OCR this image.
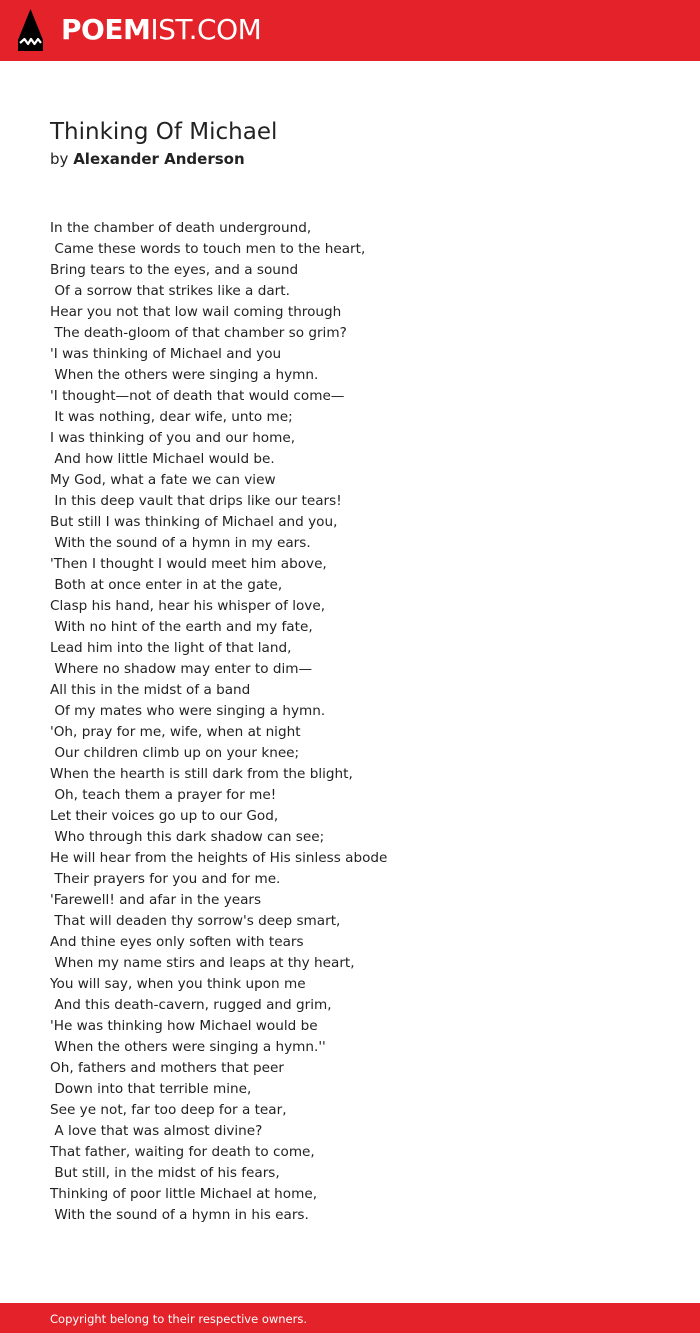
POEMIST.COM
Thinking Of Michael
by Alexander Anderson
In the chamber of death underground,
Came these words to touch men to the heart,
Bring tears to the eyes, and a sound
Of a sorrow that strikes like a dart.
Hear you not that low wail coming through
The death-gloom of that chamber so grim?
'I was thinking of Michael and you
When the others were singing a hymn.
'I thought—not of death that would come—
It was nothing, dear wife, unto me;
I was thinking of you and our home,
And how little Michael would be.
My God, what a fate we can view
In this deep vault that drips like our tears!
But still I was thinking of Michael and you,
With the sound of a hymn in my ears.
'Then I thought I would meet him above,
Both at once enter in at the gate,
Clasp his hand, hear his whisper of love,
With no hint of the earth and my fate,
Lead him into the light of that land,
Where no shadow may enter to dim—
All this in the midst of a band
Of my mates who were singing a hymn.
'Oh, pray for me, wife, when at night
Our children climb up on your knee;
When the hearth is still dark from the blight,
Oh, teach them a prayer for me!
Let their voices go up to our God,
Who through this dark shadow can see;
He will hear from the heights of His sinless abode
Their prayers for you and for me.
'Farewell! and afar in the years
That will deaden thy sorrow's deep smart,
And thine eyes only soften with tears
When my name stirs and leaps at thy heart,
You will say, when you think upon me
And this death-cavern, rugged and grim,
'He was thinking how Michael would be
When the others were singing a hymn.''
Oh, fathers and mothers that peer
Down into that terrible mine,
See ye not, far too deep for a tear,
A love that was almost divine?
That father, waiting for death to come,
But still, in the midst of his fears,
Thinking of poor little Michael at home,
With the sound of a hymn in his ears.
Copyright belong to their respective owners.
